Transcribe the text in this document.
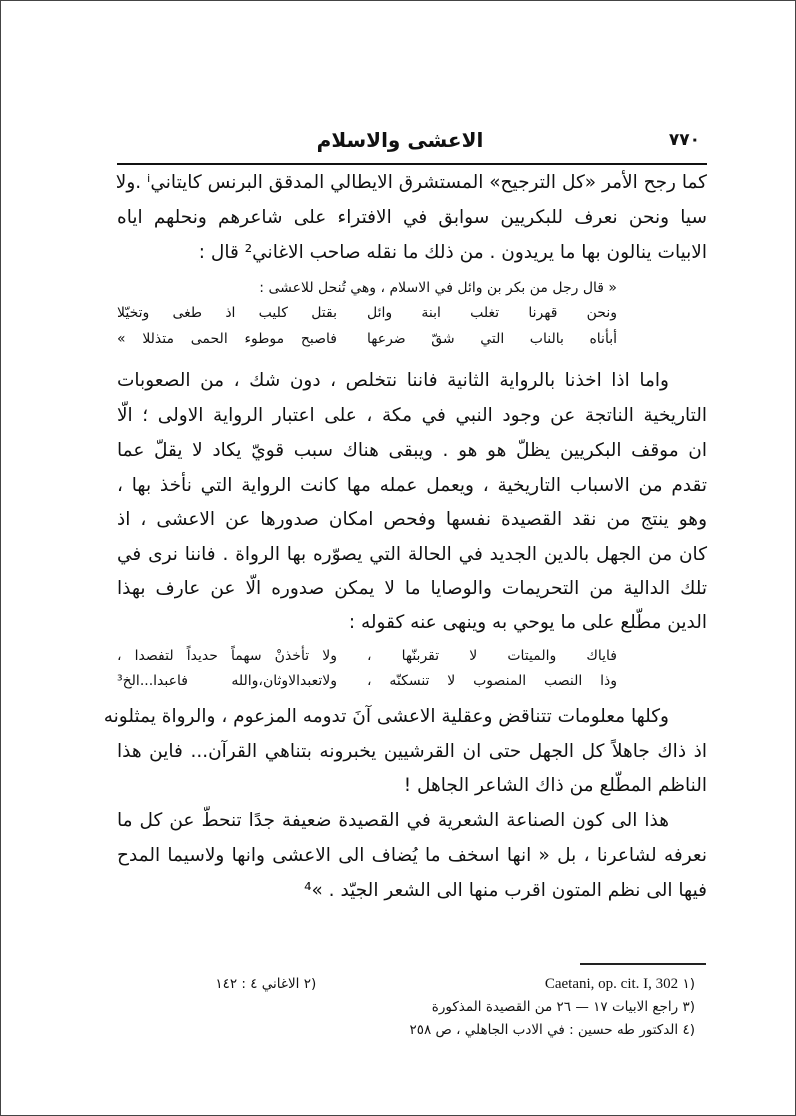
٧٧٠
الاعشى والاسلام
كما رجح الأمر «كل الترجيح» المستشرق الايطالي المدقق البرنس كايتانيⁱ .ولا
سيا ونحن نعرف للبكريين سوابق في الافتراء على شاعرهم ونحلهم اياه
الابيات ينالون بها ما يريدون . من ذلك ما نقله صاحب الاغاني² قال :
« قال رجل من بكر بن وائل في الاسلام ، وهي تُنحل للاعشى :
ونحن قهرنا تغلب ابنة وائلبقتل كليب اذ طغى وتخيّلا
أبأناه بالناب التي شقّ ضرعهافاصبح موطوء الحمى متذللا »
واما اذا اخذنا بالرواية الثانية فاننا نتخلص ، دون شك ، من الصعوبات
التاريخية الناتجة عن وجود النبي في مكة ، على اعتبار الرواية الاولى ؛ الّا
ان موقف البكريين يظلّ هو هو . ويبقى هناك سبب قويّ يكاد لا يقلّ عما
تقدم من الاسباب التاريخية ، ويعمل عمله مها كانت الرواية التي نأخذ بها ،
وهو ينتج من نقد القصيدة نفسها وفحص امكان صدورها عن الاعشى ، اذ
كان من الجهل بالدين الجديد في الحالة التي يصوّره بها الرواة . فاننا نرى في
تلك الدالية من التحريمات والوصايا ما لا يمكن صدوره الّا عن عارف بهذا
الدين مطّلع على ما يوحي به وينهى عنه كقوله :
فاياك والميتات لا تقربنّها ،ولا تأخذنْ سهماً حديداً لتفصدا ،
وذا النصب المنصوب لا تنسكنّه ،ولاتعبدالاوثان،والله فاعبدا...الخ³
وكلها معلومات تتناقض وعقلية الاعشى آنَ تدومه المزعوم ، والرواة يمثلونه
اذ ذاك جاهلاً كل الجهل حتى ان القرشيين يخبرونه بتناهي القرآن... فاين هذا
الناظم المطّلع من ذاك الشاعر الجاهل !
هذا الى كون الصناعة الشعرية في القصيدة ضعيفة جدًا تنحطّ عن كل ما
نعرفه لشاعرنا ، بل « انها اسخف ما يُضاف الى الاعشى وانها ولاسيما المدح
فيها الى نظم المتون اقرب منها الى الشعر الجيّد . »⁴
(١ Caetani, op. cit. I, 302  (٢ الاغاني ٤ : ١٤٢
(٣ راجع الابيات ١٧ — ٢٦ من القصيدة المذكورة
(٤ الدكتور طه حسين : في الادب الجاهلي ، ص ٢٥٨
